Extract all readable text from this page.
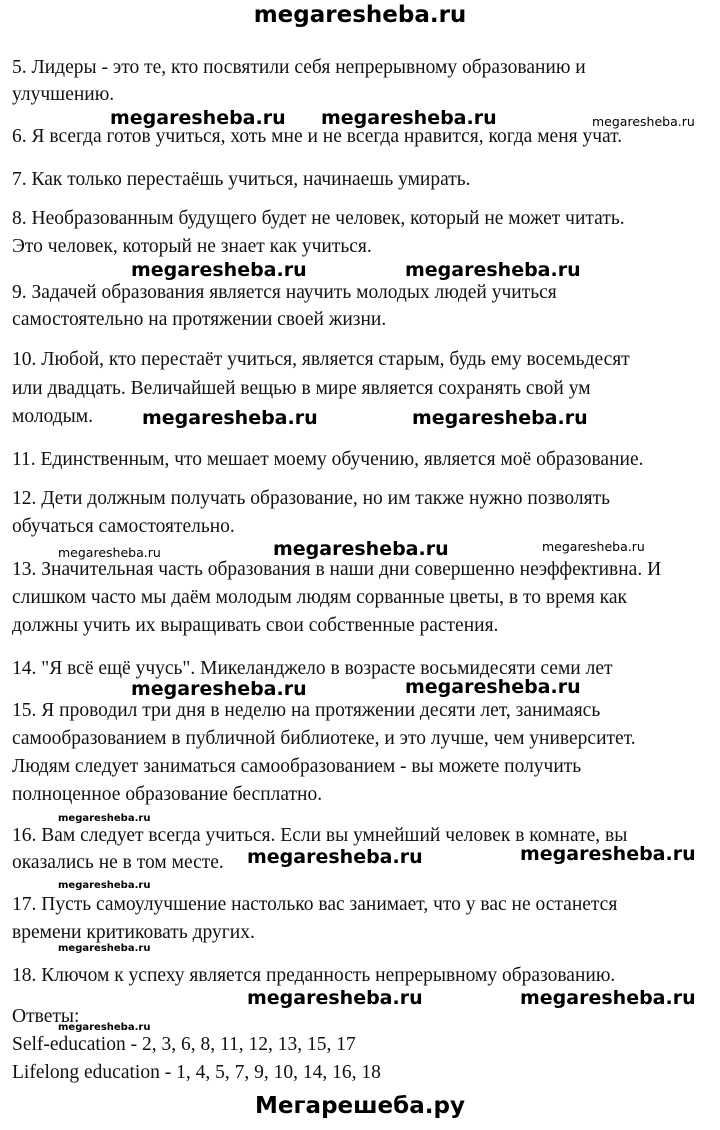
megaresheba.ru
5. Лидеры - это те, кто посвятили себя непрерывному образованию и
улучшению.
6. Я всегда готов учиться, хоть мне и не всегда нравится, когда меня учат.
7. Как только перестаёшь учиться, начинаешь умирать.
8. Необразованным будущего будет не человек, который не может читать.
Это человек, который не знает как учиться.
9. Задачей образования является научить молодых людей учиться
самостоятельно на протяжении своей жизни.
10. Любой, кто перестаёт учиться, является старым, будь ему восемьдесят
или двадцать. Величайшей вещью в мире является сохранять свой ум
молодым.
11. Единственным, что мешает моему обучению, является моё образование.
12. Дети должным получать образование, но им также нужно позволять
обучаться самостоятельно.
13. Значительная часть образования в наши дни совершенно неэффективна. И
слишком часто мы даём молодым людям сорванные цветы, в то время как
должны учить их выращивать свои собственные растения.
14. "Я всё ещё учусь". Микеланджело в возрасте восьмидесяти семи лет
15. Я проводил три дня в неделю на протяжении десяти лет, занимаясь
самообразованием в публичной библиотеке, и это лучше, чем университет.
Людям следует заниматься самообразованием - вы можете получить
полноценное образование бесплатно.
16. Вам следует всегда учиться. Если вы умнейший человек в комнате, вы
оказались не в том месте.
17. Пусть самоулучшение настолько вас занимает, что у вас не останется
времени критиковать других.
18. Ключом к успеху является преданность непрерывному образованию.
Ответы:
Self-education - 2, 3, 6, 8, 11, 12, 13, 15, 17
Lifelong education - 1, 4, 5, 7, 9, 10, 14, 16, 18
megaresheba.ru megaresheba.ru	megaresheba.ru
megaresheba.ru	megaresheba.ru
megaresheba.ru	megaresheba.ru
megaresheba.ru	megaresheba.ru	megaresheba.ru
megaresheba.ru	megaresheba.ru
megaresheba.ru
megaresheba.ru	megaresheba.ru
megaresheba.ru
megaresheba.ru
megaresheba.ru	megaresheba.ru
megaresheba.ru
Мегарешеба.ру
